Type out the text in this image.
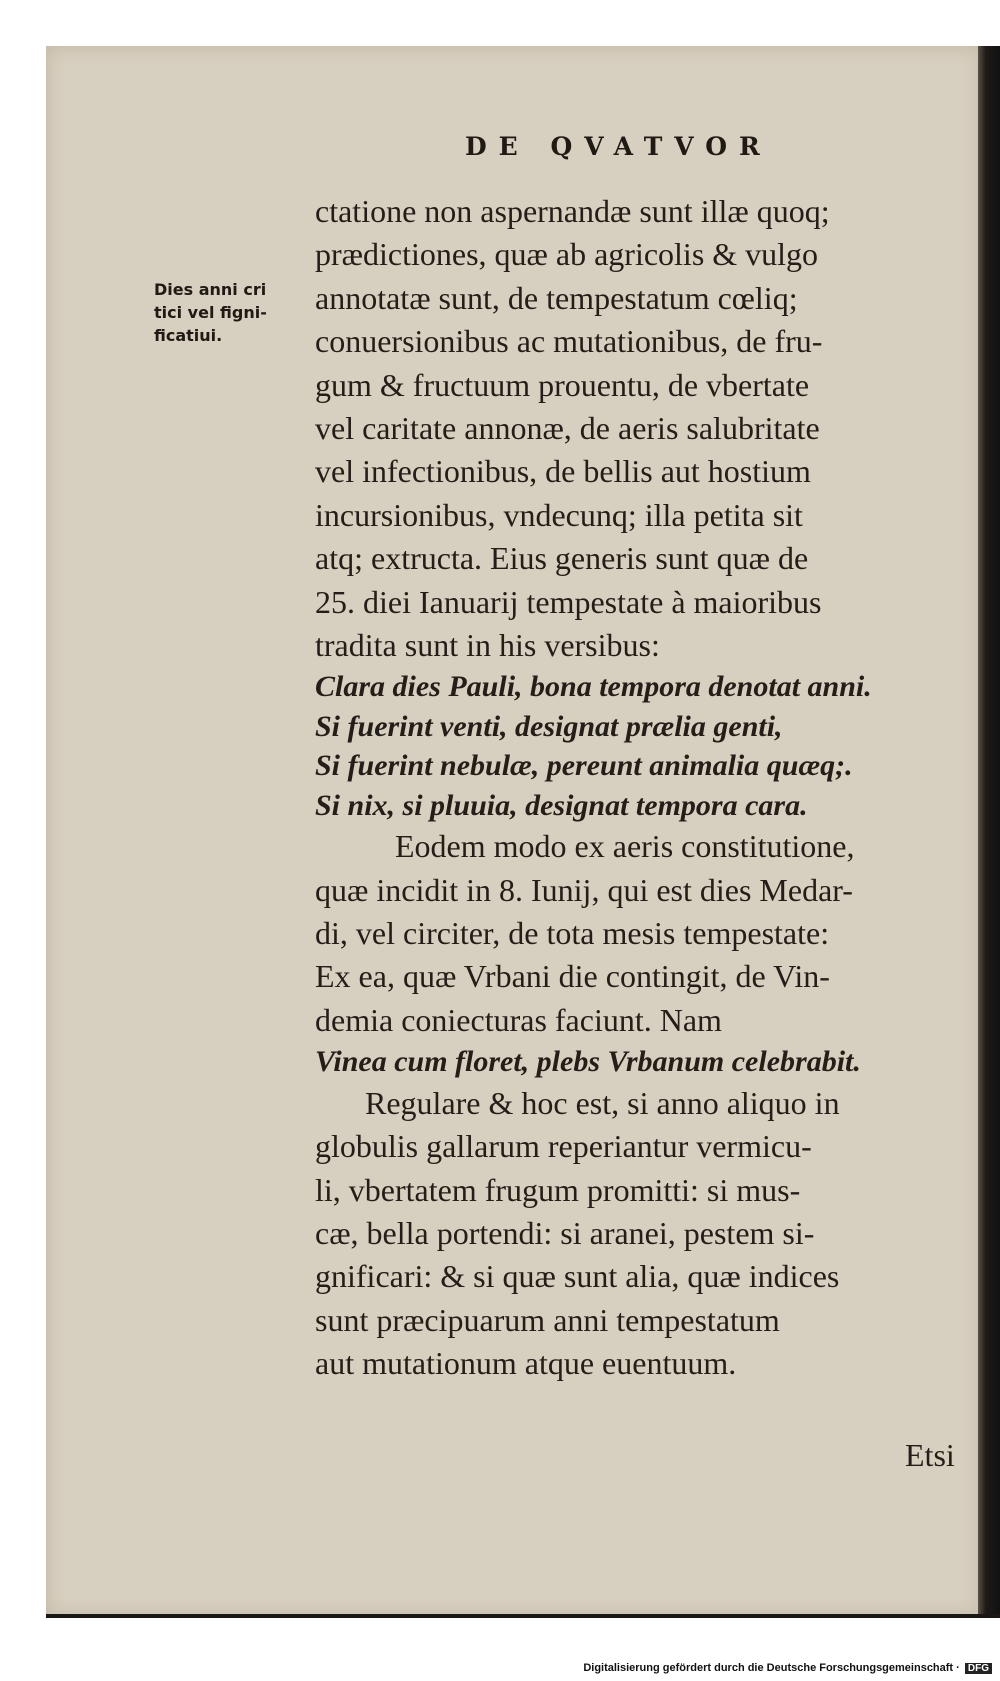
DE QVATVOR
Dies anni cri
tici vel figni-
ficatiui.
ctatione non aspernandæ sunt illæ quoq;
prædictiones, quæ ab agricolis & vulgo
annotatæ sunt, de tempestatum cœliq;
conuersionibus ac mutationibus, de fru-
gum & fructuum prouentu, de vbertate
vel caritate annonæ, de aeris salubritate
vel infectionibus, de bellis aut hostium
incursionibus, vndecunq; illa petita sit
atq; extructa. Eius generis sunt quæ de
25. diei Ianuarij tempestate à maioribus
tradita sunt in his versibus:
Clara dies Pauli, bona tempora denotat anni.
Si fuerint venti, designat prælia genti,
Si fuerint nebulæ, pereunt animalia quæq;.
Si nix, si pluuia, designat tempora cara.
Eodem modo ex aeris constitutione,
quæ incidit in 8. Iunij, qui est dies Medar-
di, vel circiter, de tota mesis tempestate:
Ex ea, quæ Vrbani die contingit, de Vin-
demia coniecturas faciunt. Nam
Vinea cum floret, plebs Vrbanum celebrabit.
Regulare & hoc est, si anno aliquo in
globulis gallarum reperiantur vermicu-
li, vbertatem frugum promitti: si mus-
cæ, bella portendi: si aranei, pestem si-
gnificari: & si quæ sunt alia, quæ indices
sunt præcipuarum anni tempestatum
aut mutationum atque euentuum.
Etsi
Digitalisierung gefördert durch die Deutsche Forschungsgemeinschaft · DFG
